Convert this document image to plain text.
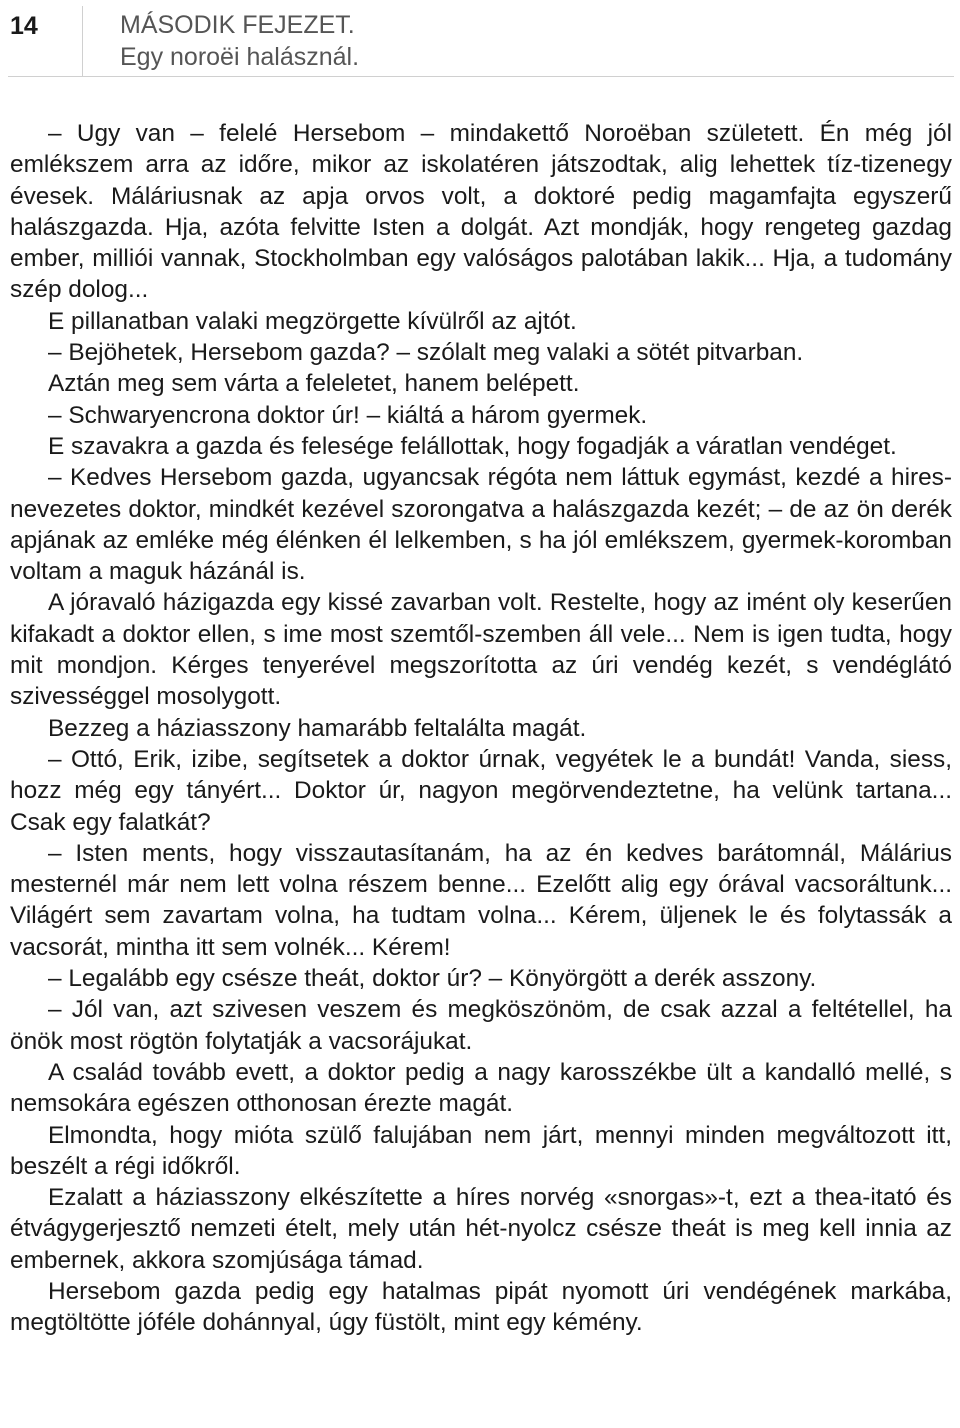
14	MÁSODIK FEJEZET.
Egy noroëi halásznál.

– Ugy van – felelé Hersebom – mindakettő Noroëban született. Én még jól emlékszem arra az időre, mikor az iskolatéren játszodtak, alig lehettek tíz-tizenegy évesek. Máláriusnak az apja orvos volt, a doktoré pedig magamfajta egyszerű halászgazda. Hja, azóta felvitte Isten a dolgát. Azt mondják, hogy rengeteg gazdag ember, milliói vannak, Stockholmban egy valóságos palotában lakik... Hja, a tudomány szép dolog...

E pillanatban valaki megzörgette kívülről az ajtót.

– Bejöhetek, Hersebom gazda? – szólalt meg valaki a sötét pitvarban.

Aztán meg sem várta a feleletet, hanem belépett.

– Schwaryencrona doktor úr! – kiáltá a három gyermek.

E szavakra a gazda és felesége felállottak, hogy fogadják a váratlan vendéget.

– Kedves Hersebom gazda, ugyancsak régóta nem láttuk egymást, kezdé a hires-nevezetes doktor, mindkét kezével szorongatva a halászgazda kezét; – de az ön derék apjának az emléke még élénken él lelkemben, s ha jól emlékszem, gyermek-koromban voltam a maguk házánál is.

A jóravaló házigazda egy kissé zavarban volt. Restelte, hogy az imént oly keserűen kifakadt a doktor ellen, s ime most szemtől-szemben áll vele... Nem is igen tudta, hogy mit mondjon. Kérges tenyerével megszorította az úri vendég kezét, s vendéglátó szivességgel mosolygott.

Bezzeg a háziasszony hamarább feltalálta magát.

– Ottó, Erik, izibe, segítsetek a doktor úrnak, vegyétek le a bundát! Vanda, siess, hozz még egy tányért... Doktor úr, nagyon megörvendeztetne, ha velünk tartana... Csak egy falatkát?

– Isten ments, hogy visszautasítanám, ha az én kedves barátomnál, Málárius mesternél már nem lett volna részem benne... Ezelőtt alig egy órával vacsoráltunk... Világért sem zavartam volna, ha tudtam volna... Kérem, üljenek le és folytassák a vacsorát, mintha itt sem volnék... Kérem!

– Legalább egy csésze theát, doktor úr? – Könyörgött a derék asszony.

– Jól van, azt szivesen veszem és megköszönöm, de csak azzal a feltétellel, ha önök most rögtön folytatják a vacsorájukat.

A család tovább evett, a doktor pedig a nagy karosszékbe ült a kandalló mellé, s nemsokára egészen otthonosan érezte magát.

Elmondta, hogy mióta szülő falujában nem járt, mennyi minden megváltozott itt, beszélt a régi időkről.

Ezalatt a háziasszony elkészítette a híres norvég «snorgas»-t, ezt a thea-itató és étvágygerjesztő nemzeti ételt, mely után hét-nyolcz csésze theát is meg kell innia az embernek, akkora szomjúsága támad.

Hersebom gazda pedig egy hatalmas pipát nyomott úri vendégének markába, megtöltötte jóféle dohánnyal, úgy füstölt, mint egy kémény.
